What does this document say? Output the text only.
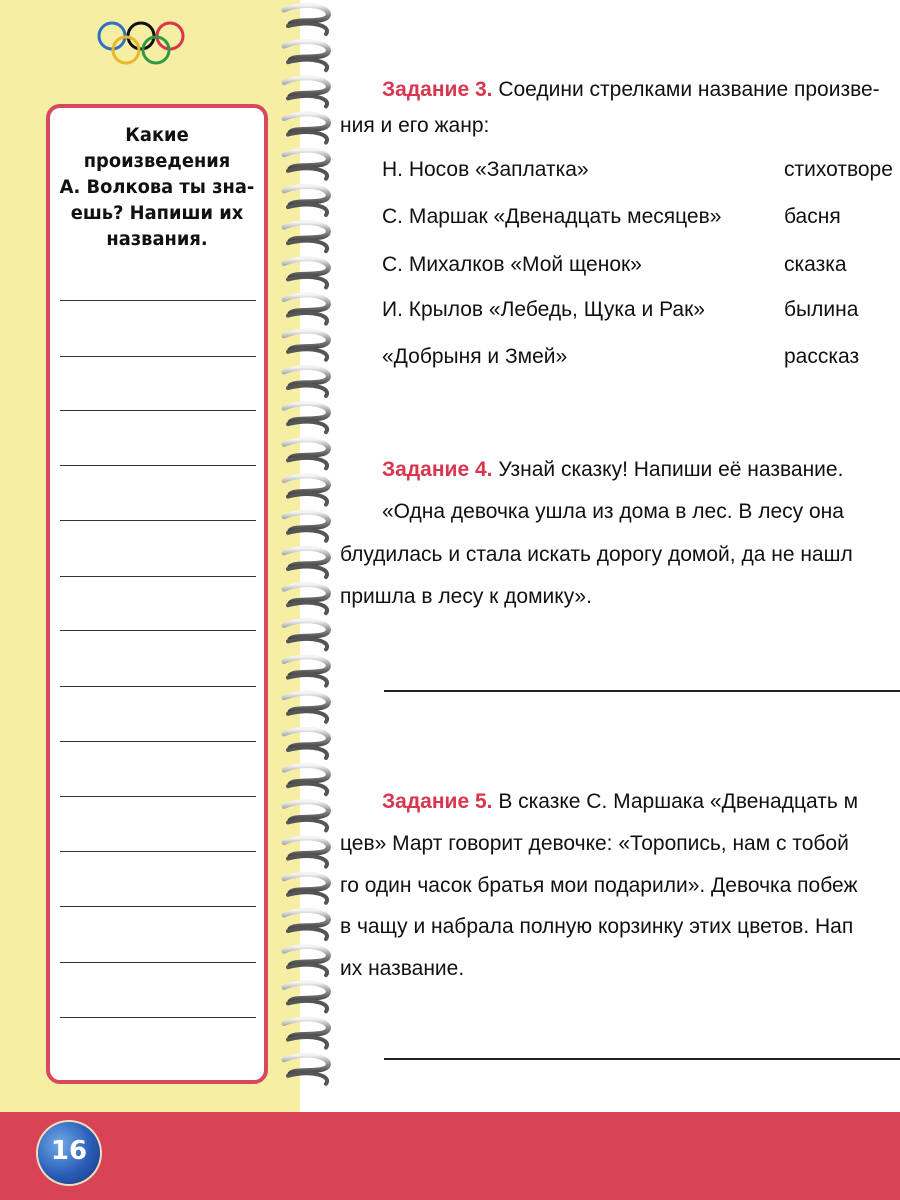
Какие произведения
А. Волкова ты зна-
ешь? Напиши их
названия.
Задание 3. Соедини стрелками название произве-
ния и его жанр:
Н. Носов «Заплатка»
С. Маршак «Двенадцать месяцев»
С. Михалков «Мой щенок»
И. Крылов «Лебедь, Щука и Рак»
«Добрыня и Змей»
стихотворе
басня
сказка
былина
рассказ
Задание 4. Узнай сказку! Напиши её название.
«Одна девочка ушла из дома в лес. В лесу она
блудилась и стала искать дорогу домой, да не нашл
пришла в лесу к домику».
Задание 5. В сказке С. Маршака «Двенадцать м
цев» Март говорит девочке: «Торопись, нам с тобой
го один часок братья мои подарили». Девочка побеж
в чащу и набрала полную корзинку этих цветов. Нап
их название.
16
